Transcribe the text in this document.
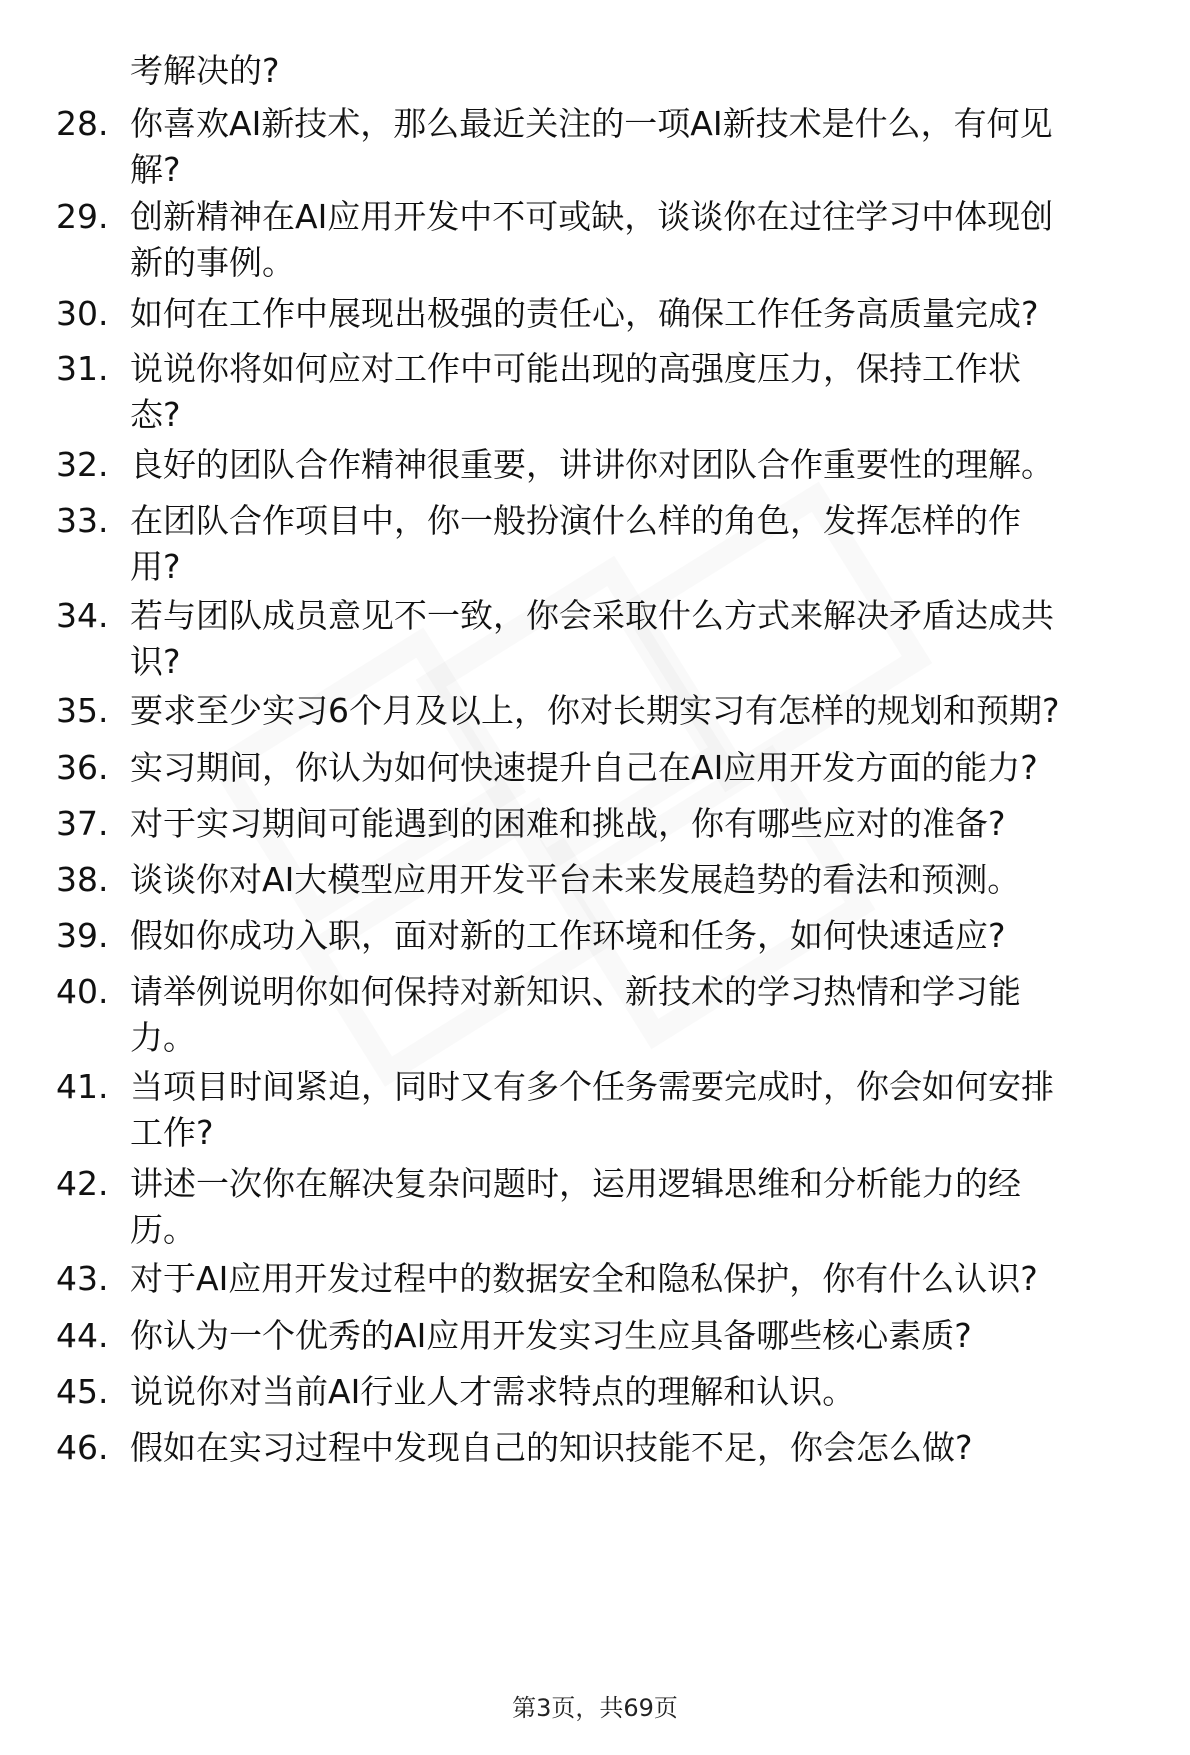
考解决的?
28. 你喜欢AI新技术，那么最近关注的一项AI新技术是什么，有何见
解?
29. 创新精神在AI应用开发中不可或缺，谈谈你在过往学习中体现创
新的事例。
30. 如何在工作中展现出极强的责任心，确保工作任务高质量完成?
31. 说说你将如何应对工作中可能出现的高强度压力，保持工作状
态?
32. 良好的团队合作精神很重要，讲讲你对团队合作重要性的理解。
33. 在团队合作项目中，你一般扮演什么样的角色，发挥怎样的作
用?
34. 若与团队成员意见不一致，你会采取什么方式来解决矛盾达成共
识?
35. 要求至少实习6个月及以上，你对长期实习有怎样的规划和预期?
36. 实习期间，你认为如何快速提升自己在AI应用开发方面的能力?
37. 对于实习期间可能遇到的困难和挑战，你有哪些应对的准备?
38. 谈谈你对AI大模型应用开发平台未来发展趋势的看法和预测。
39. 假如你成功入职，面对新的工作环境和任务，如何快速适应?
40. 请举例说明你如何保持对新知识、新技术的学习热情和学习能
力。
41. 当项目时间紧迫，同时又有多个任务需要完成时，你会如何安排
工作?
42. 讲述一次你在解决复杂问题时，运用逻辑思维和分析能力的经
历。
43. 对于AI应用开发过程中的数据安全和隐私保护，你有什么认识?
44. 你认为一个优秀的AI应用开发实习生应具备哪些核心素质?
45. 说说你对当前AI行业人才需求特点的理解和认识。
46. 假如在实习过程中发现自己的知识技能不足，你会怎么做?
第3页，共69页
